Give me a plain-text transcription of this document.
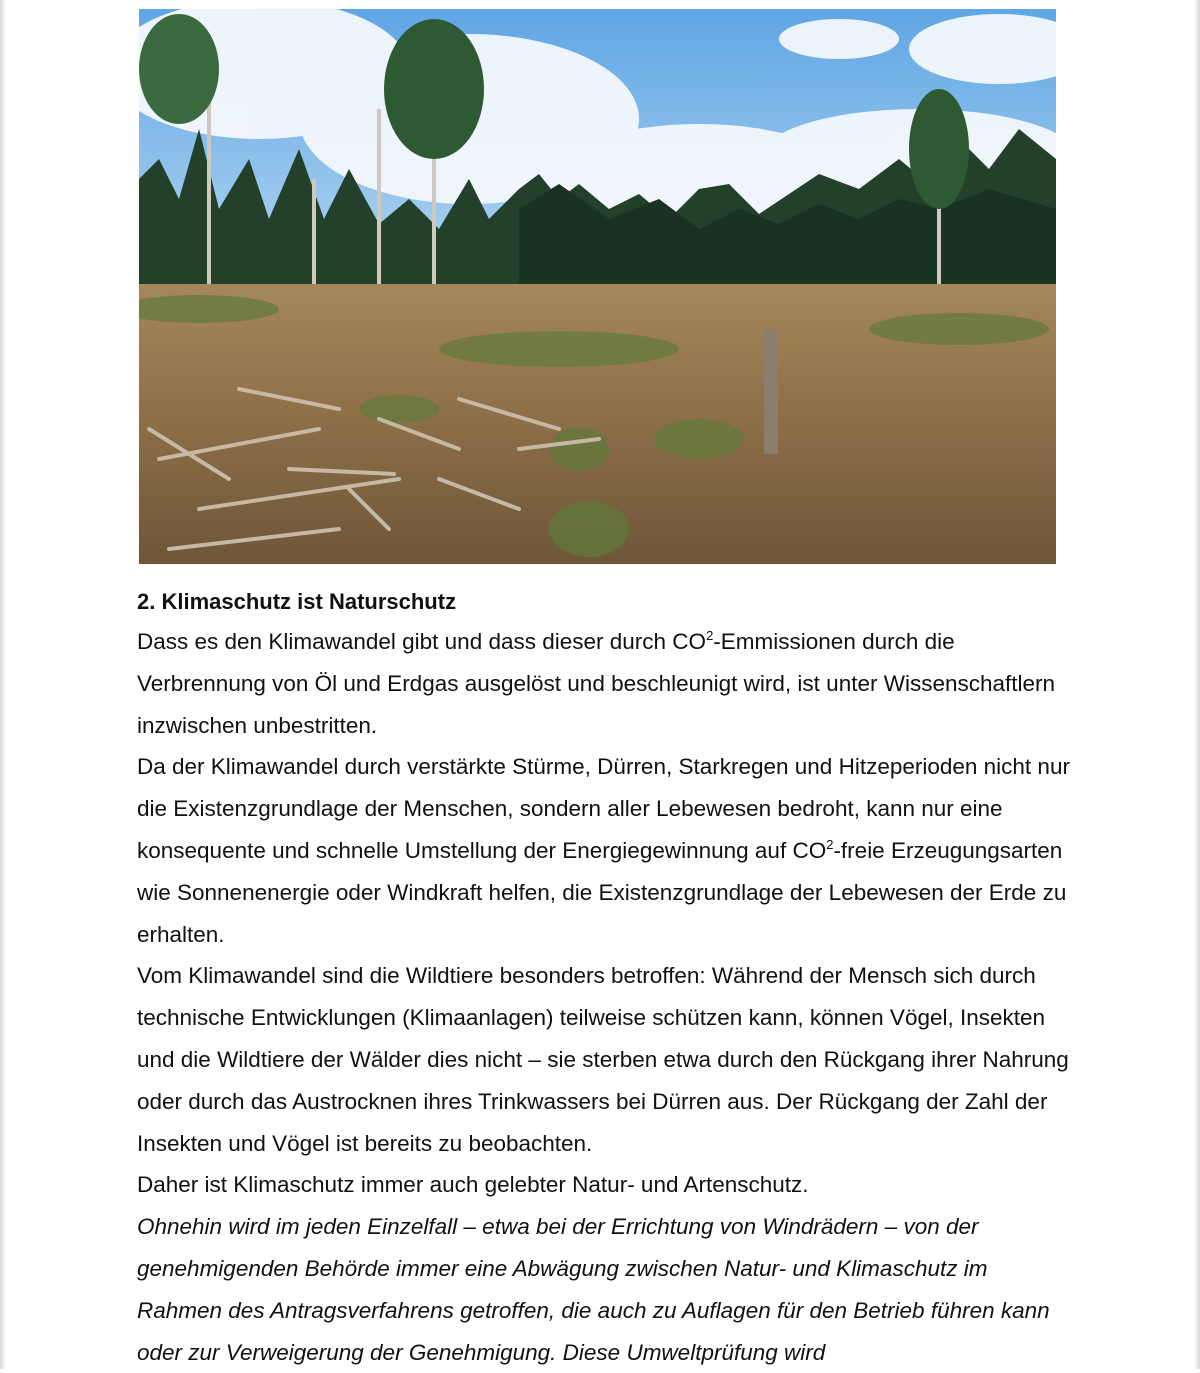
2. Klimaschutz ist Naturschutz

Dass es den Klimawandel gibt und dass dieser durch $CO^2$-Emmissionen durch die Verbrennung von Öl und Erdgas ausgelöst und beschleunigt wird, ist unter Wissenschaftlern inzwischen unbestritten.

Da der Klimawandel durch verstärkte Stürme, Dürren, Starkregen und Hitzeperioden nicht nur die Existenzgrundlage der Menschen, sondern aller Lebewesen bedroht, kann nur eine konsequente und schnelle Umstellung der Energiegewinnung auf $CO^2$-freie Erzeugungsarten wie Sonnenenergie oder Windkraft helfen, die Existenzgrundlage der Lebewesen der Erde zu erhalten.

Vom Klimawandel sind die Wildtiere besonders betroffen: Während der Mensch sich durch technische Entwicklungen (Klimaanlagen) teilweise schützen kann, können Vögel, Insekten und die Wildtiere der Wälder dies nicht – sie sterben etwa durch den Rückgang ihrer Nahrung oder durch das Austrocknen ihres Trinkwassers bei Dürren aus. Der Rückgang der Zahl der Insekten und Vögel ist bereits zu beobachten.

Daher ist Klimaschutz immer auch gelebter Natur- und Artenschutz.

Ohnehin wird im jeden Einzelfall – etwa bei der Errichtung von Windrädern – von der genehmigenden Behörde immer eine Abwägung zwischen Natur- und Klimaschutz im Rahmen des Antragsverfahrens getroffen, die auch zu Auflagen für den Betrieb führen kann oder zur Verweigerung der Genehmigung. Diese Umweltprüfung wird
